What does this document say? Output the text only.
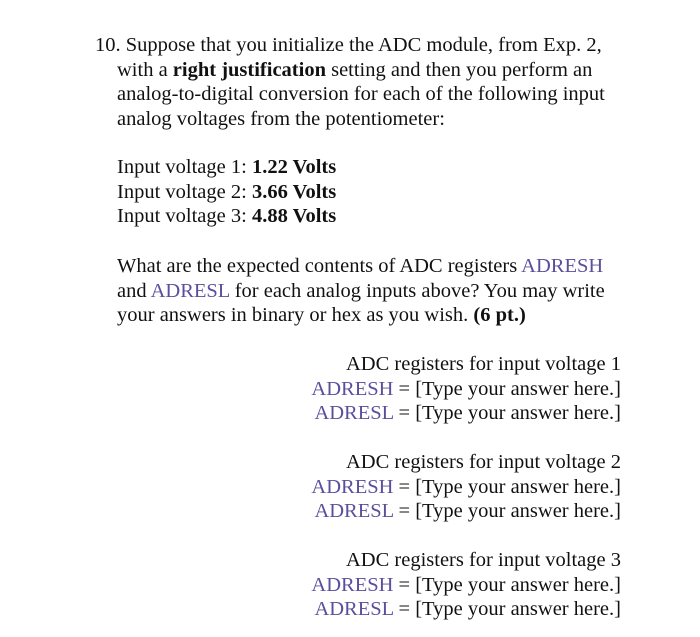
10. Suppose that you initialize the ADC module, from Exp. 2,
with a right justification setting and then you perform an
analog-to-digital conversion for each of the following input
analog voltages from the potentiometer:
Input voltage 1: 1.22 Volts
Input voltage 2: 3.66 Volts
Input voltage 3: 4.88 Volts
What are the expected contents of ADC registers ADRESH
and ADRESL for each analog inputs above? You may write
your answers in binary or hex as you wish. (6 pt.)
ADC registers for input voltage 1
ADRESH = [Type your answer here.]
ADRESL = [Type your answer here.]
ADC registers for input voltage 2
ADRESH = [Type your answer here.]
ADRESL = [Type your answer here.]
ADC registers for input voltage 3
ADRESH = [Type your answer here.]
ADRESL = [Type your answer here.]
